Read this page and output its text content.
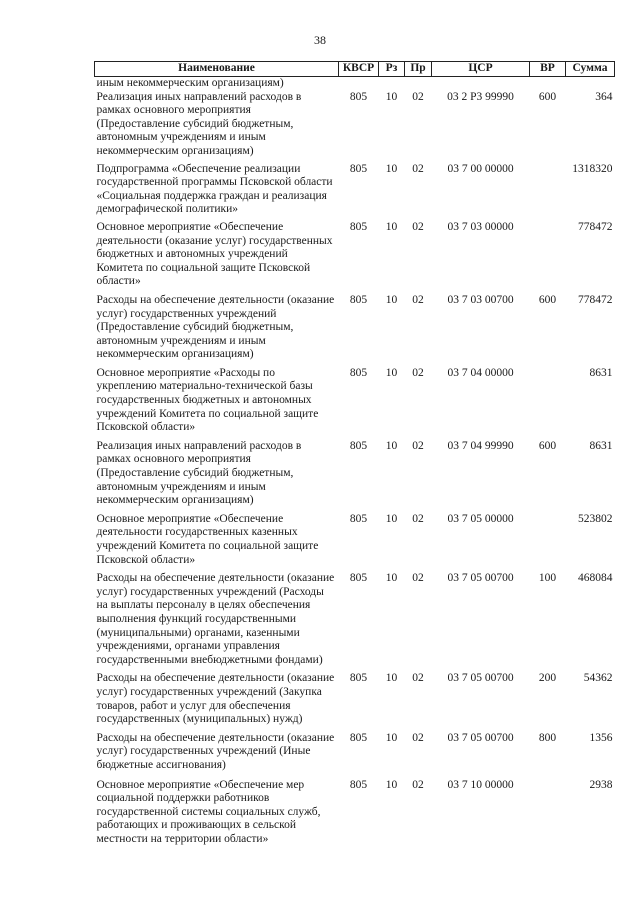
38
Наименование	КВСР	Рз	Пр	ЦСР	ВР	Сумма
иным некоммерческим организациям)						
Реализация иных направлений расходов в рамках основного мероприятия (Предоставление субсидий бюджетным, автономным учреждениям и иным некоммерческим организациям)	805	10	02	03 2 Р3 99990	600	364
Подпрограмма «Обеспечение реализации государственной программы Псковской области «Социальная поддержка граждан и реализация демографической политики»	805	10	02	03 7 00 00000		1318320
Основное мероприятие «Обеспечение деятельности (оказание услуг) государственных бюджетных и автономных учреждений Комитета по социальной защите Псковской области»	805	10	02	03 7 03 00000		778472
Расходы на обеспечение деятельности (оказание услуг) государственных учреждений (Предоставление субсидий бюджетным, автономным учреждениям и иным некоммерческим организациям)	805	10	02	03 7 03 00700	600	778472
Основное мероприятие «Расходы по укреплению материально-технической базы государственных бюджетных и автономных учреждений Комитета по социальной защите Псковской области»	805	10	02	03 7 04 00000		8631
Реализация иных направлений расходов в рамках основного мероприятия (Предоставление субсидий бюджетным, автономным учреждениям и иным некоммерческим организациям)	805	10	02	03 7 04 99990	600	8631
Основное мероприятие «Обеспечение деятельности государственных казенных учреждений Комитета по социальной защите Псковской области»	805	10	02	03 7 05 00000		523802
Расходы на обеспечение деятельности (оказание услуг) государственных учреждений (Расходы на выплаты персоналу в целях обеспечения выполнения функций государственными (муниципальными) органами, казенными учреждениями, органами управления государственными внебюджетными фондами)	805	10	02	03 7 05 00700	100	468084
Расходы на обеспечение деятельности (оказание услуг) государственных учреждений (Закупка товаров, работ и услуг для обеспечения государственных (муниципальных) нужд)	805	10	02	03 7 05 00700	200	54362
Расходы на обеспечение деятельности (оказание услуг) государственных учреждений (Иные бюджетные ассигнования)	805	10	02	03 7 05 00700	800	1356
Основное мероприятие «Обеспечение мер социальной поддержки работников государственной системы социальных служб, работающих и проживающих в сельской местности на территории области»	805	10	02	03 7 10 00000		2938
